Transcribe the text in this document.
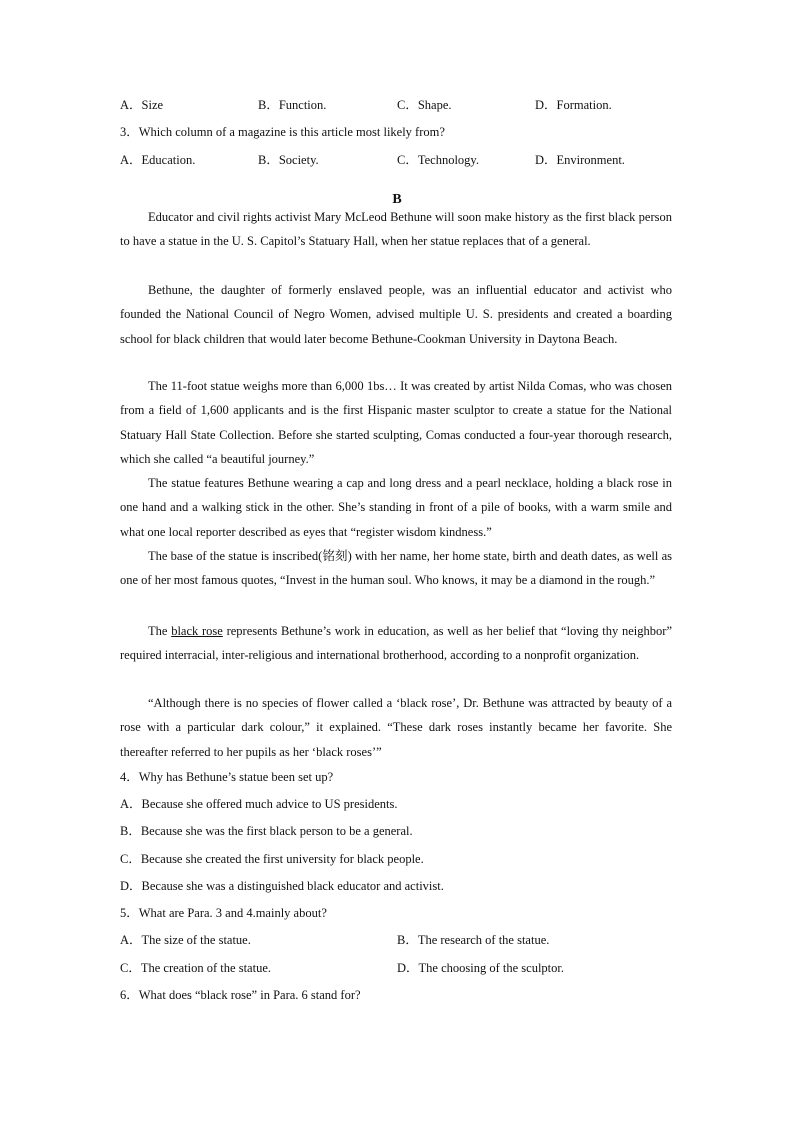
A．Size	B．Function.	C．Shape.	D．Formation.
3．Which column of a magazine is this article most likely from?
A．Education.	B．Society.	C．Technology.	D．Environment.
B
Educator and civil rights activist Mary McLeod Bethune will soon make history as the first black person to have a statue in the U. S. Capitol’s Statuary Hall, when her statue replaces that of a general.
Bethune, the daughter of formerly enslaved people, was an influential educator and activist who founded the National Council of Negro Women, advised multiple U. S. presidents and created a boarding school for black children that would later become Bethune-Cookman University in Daytona Beach.
The 11-foot statue weighs more than 6,000 1bs… It was created by artist Nilda Comas, who was chosen from a field of 1,600 applicants and is the first Hispanic master sculptor to create a statue for the National Statuary Hall State Collection. Before she started sculpting, Comas conducted a four-year thorough research, which she called “a beautiful journey.”
The statue features Bethune wearing a cap and long dress and a pearl necklace, holding a black rose in one hand and a walking stick in the other. She’s standing in front of a pile of books, with a warm smile and what one local reporter described as eyes that “register wisdom kindness.”
The base of the statue is inscribed(铭刻) with her name, her home state, birth and death dates, as well as one of her most famous quotes, “Invest in the human soul. Who knows, it may be a diamond in the rough.”
The black rose represents Bethune’s work in education, as well as her belief that “loving thy neighbor” required interracial, inter-religious and international brotherhood, according to a nonprofit organization.
“Although there is no species of flower called a ‘black rose’, Dr. Bethune was attracted by beauty of a rose with a particular dark colour,” it explained. “These dark roses instantly became her favorite. She thereafter referred to her pupils as her ‘black roses’”
4．Why has Bethune’s statue been set up?
A．Because she offered much advice to US presidents.
B．Because she was the first black person to be a general.
C．Because she created the first university for black people.
D．Because she was a distinguished black educator and activist.
5．What are Para. 3 and 4.mainly about?
A．The size of the statue.	B．The research of the statue.
C．The creation of the statue.	D．The choosing of the sculptor.
6．What does “black rose” in Para. 6 stand for?
